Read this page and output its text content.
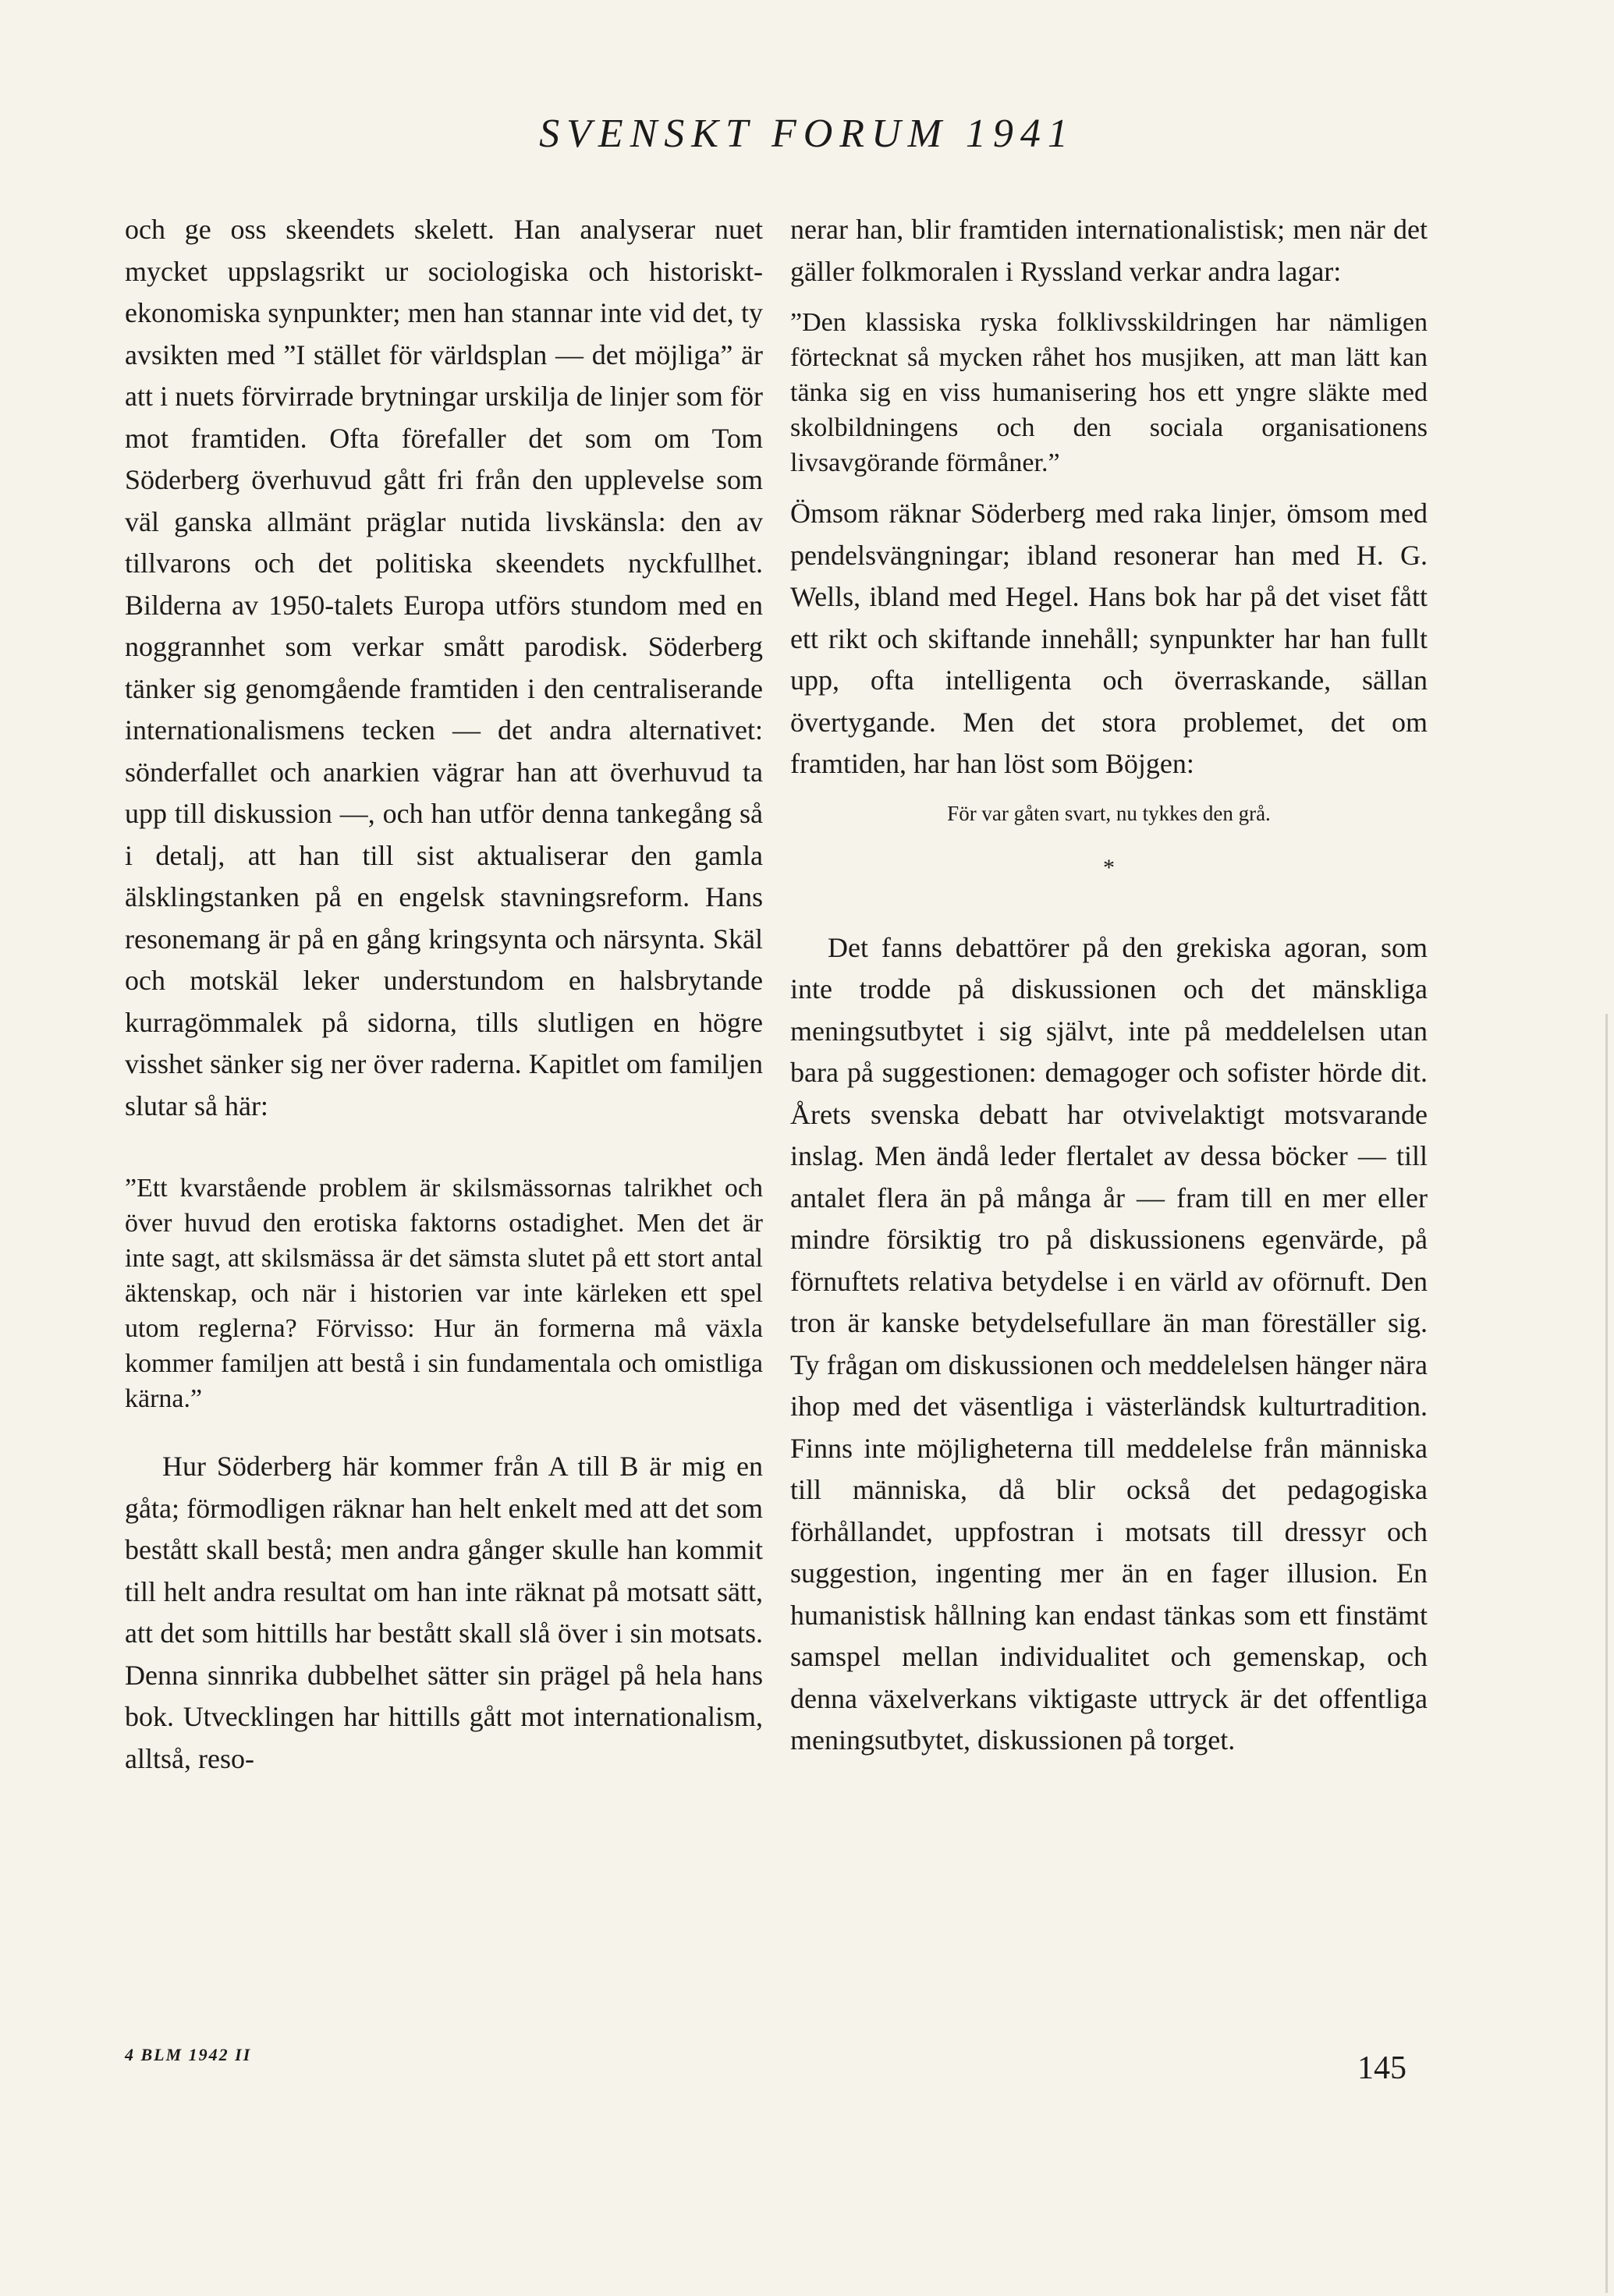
SVENSKT FORUM 1941

och ge oss skeendets skelett. Han analyserar nuet mycket uppslagsrikt ur sociologiska och historiskt-ekonomiska synpunkter; men han stannar inte vid det, ty avsikten med ”I stället för världsplan — det möjliga” är att i nuets förvirrade brytningar urskilja de linjer som för mot framtiden. Ofta förefaller det som om Tom Söderberg överhuvud gått fri från den upplevelse som väl ganska allmänt präglar nutida livskänsla: den av tillvarons och det politiska skeendets nyckfullhet. Bilderna av 1950-talets Europa utförs stundom med en noggrannhet som verkar smått parodisk. Söderberg tänker sig genomgående framtiden i den centraliserande internationalismens tecken — det andra alternativet: sönderfallet och anarkien vägrar han att överhuvud ta upp till diskussion —, och han utför denna tankegång så i detalj, att han till sist aktualiserar den gamla älsklingstanken på en engelsk stavningsreform. Hans resonemang är på en gång kringsynta och närsynta. Skäl och motskäl leker understundom en halsbrytande kurragömmalek på sidorna, tills slutligen en högre visshet sänker sig ner över raderna. Kapitlet om familjen slutar så här:

”Ett kvarstående problem är skilsmässornas talrikhet och över huvud den erotiska faktorns ostadighet. Men det är inte sagt, att skilsmässa är det sämsta slutet på ett stort antal äktenskap, och när i historien var inte kärleken ett spel utom reglerna? Förvisso: Hur än formerna må växla kommer familjen att bestå i sin fundamentala och omistliga kärna.”

Hur Söderberg här kommer från A till B är mig en gåta; förmodligen räknar han helt enkelt med att det som bestått skall bestå; men andra gånger skulle han kommit till helt andra resultat om han inte räknat på motsatt sätt, att det som hittills har bestått skall slå över i sin motsats. Denna sinnrika dubbelhet sätter sin prägel på hela hans bok. Utvecklingen har hittills gått mot internationalism, alltså, reso-

nerar han, blir framtiden internationalistisk; men när det gäller folkmoralen i Ryssland verkar andra lagar:

”Den klassiska ryska folklivsskildringen har nämligen förtecknat så mycken råhet hos musjiken, att man lätt kan tänka sig en viss humanisering hos ett yngre släkte med skolbildningens och den sociala organisationens livsavgörande förmåner.”

Ömsom räknar Söderberg med raka linjer, ömsom med pendelsvängningar; ibland resonerar han med H. G. Wells, ibland med Hegel. Hans bok har på det viset fått ett rikt och skiftande innehåll; synpunkter har han fullt upp, ofta intelligenta och överraskande, sällan övertygande. Men det stora problemet, det om framtiden, har han löst som Böjgen:

För var gåten svart, nu tykkes den grå.

*

Det fanns debattörer på den grekiska agoran, som inte trodde på diskussionen och det mänskliga meningsutbytet i sig självt, inte på meddelelsen utan bara på suggestionen: demagoger och sofister hörde dit. Årets svenska debatt har otvivelaktigt motsvarande inslag. Men ändå leder flertalet av dessa böcker — till antalet flera än på många år — fram till en mer eller mindre försiktig tro på diskussionens egenvärde, på förnuftets relativa betydelse i en värld av oförnuft. Den tron är kanske betydelsefullare än man föreställer sig. Ty frågan om diskussionen och meddelelsen hänger nära ihop med det väsentliga i västerländsk kulturtradition. Finns inte möjligheterna till meddelelse från människa till människa, då blir också det pedagogiska förhållandet, uppfostran i motsats till dressyr och suggestion, ingenting mer än en fager illusion. En humanistisk hållning kan endast tänkas som ett finstämt samspel mellan individualitet och gemenskap, och denna växelverkans viktigaste uttryck är det offentliga meningsutbytet, diskussionen på torget.

4 BLM 1942 II	145
